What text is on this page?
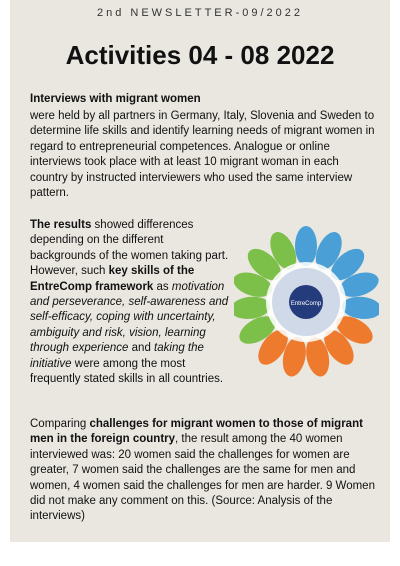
2nd NEWSLETTER-09/2022
Activities 04 - 08 2022
Interviews with migrant women
were held by all partners in Germany, Italy, Slovenia and Sweden to determine life skills and identify learning needs of migrant women in regard to entrepreneurial competences. Analogue or online interviews took place with at least 10 migrant woman in each country by instructed interviewers who used the same interview pattern.
The results showed differences depending on the different backgrounds of the women taking part. However, such key skills of the EntreComp framework as motivation and perseverance, self-awareness and self-efficacy, coping with uncertainty, ambiguity and risk, vision, learning through experience and taking the initiative were among the most frequently stated skills in all countries.
EntreComp
Comparing challenges for migrant women to those of migrant men in the foreign country, the result among the 40 women interviewed was: 20 women said the challenges for women are greater, 7 women said the challenges are the same for men and women, 4 women said the challenges for men are harder. 9 Women did not make any comment on this. (Source: Analysis of the interviews)
